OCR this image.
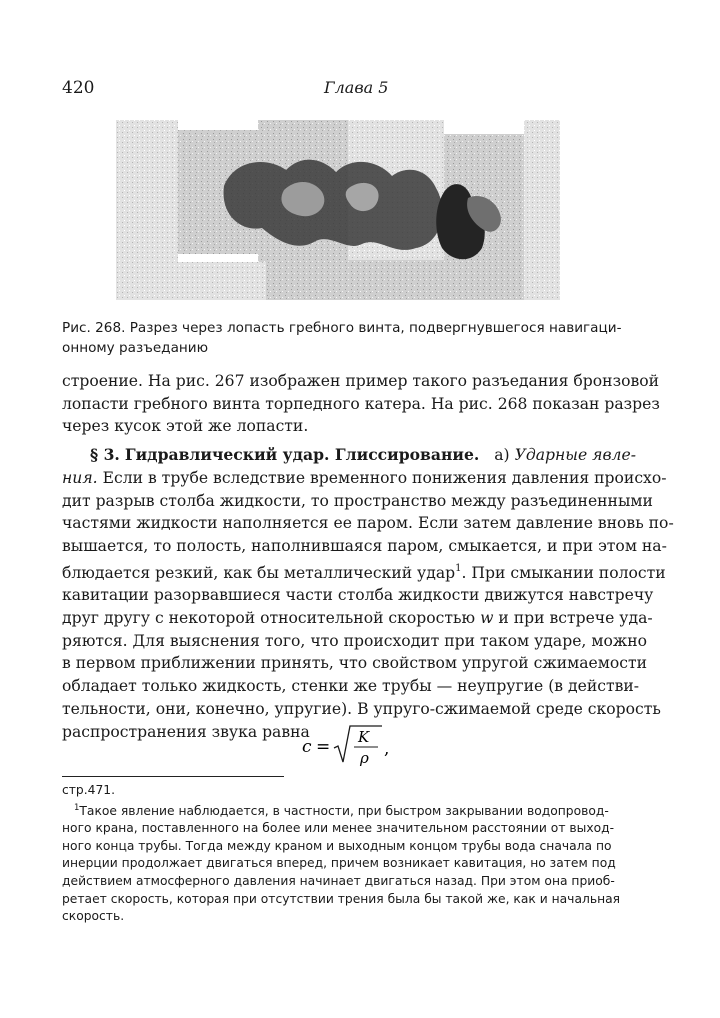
420	Глава 5
Рис. 268. Разрез через лопасть гребного винта, подвергнувшегося навигаци-
онному разъеданию
строение. На рис. 267 изображен пример такого разъедания бронзовой
лопасти гребного винта торпедного катера. На рис. 268 показан разрез
через кусок этой же лопасти.
§ 3. Гидравлический удар. Глиссирование. а) Ударные явле-
ния. Если в трубе вследствие временного понижения давления происхо-
дит разрыв столба жидкости, то пространство между разъединенными
частями жидкости наполняется ее паром. Если затем давление вновь по-
вышается, то полость, наполнившаяся паром, смыкается, и при этом на-
блюдается резкий, как бы металлический удар$^1$. При смыкании полости
кавитации разорвавшиеся части столба жидкости движутся навстречу
друг другу с некоторой относительной скоростью w и при встрече уда-
ряются. Для выяснения того, что происходит при таком ударе, можно
в первом приближении принять, что свойством упругой сжимаемости
обладает только жидкость, стенки же трубы — неупругие (в действи-
тельности, они, конечно, упругие). В упруго-сжимаемой среде скорость
распространения звука равна
c = K
ρ ,
стр.471.
$^1$Такое явление наблюдается, в частности, при быстром закрывании водопровод-
ного крана, поставленного на более или менее значительном расстоянии от выход-
ного конца трубы. Тогда между краном и выходным концом трубы вода сначала по
инерции продолжает двигаться вперед, причем возникает кавитация, но затем под
действием атмосферного давления начинает двигаться назад. При этом она приоб-
ретает скорость, которая при отсутствии трения была бы такой же, как и начальная
скорость.
